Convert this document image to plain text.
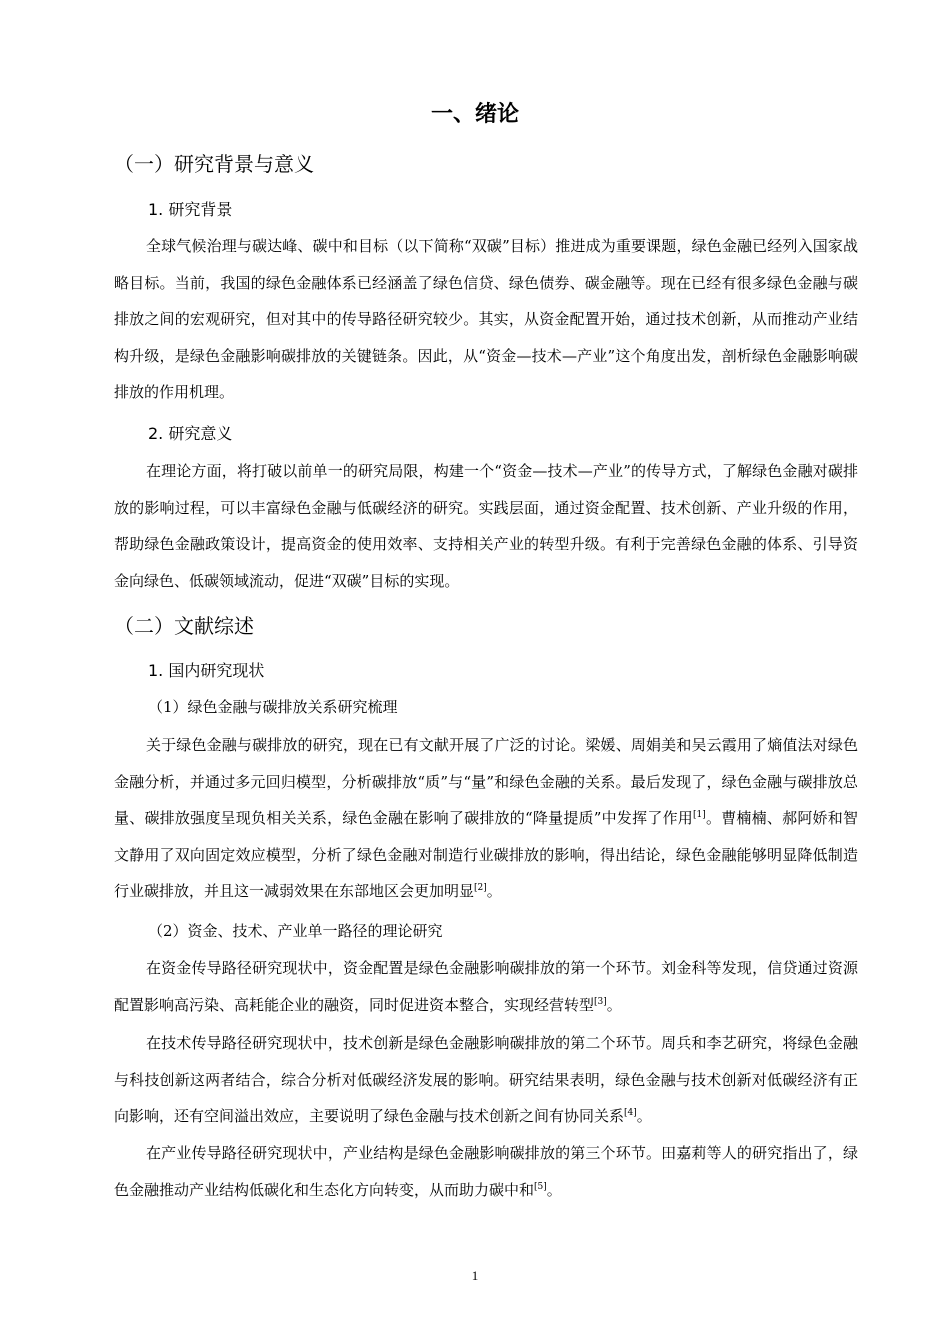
一、绪论
（一）研究背景与意义
1. 研究背景

全球气候治理与碳达峰、碳中和目标（以下简称“双碳”目标）推进成为重要课题，绿色金融已经列入国家战略目标。当前，我国的绿色金融体系已经涵盖了绿色信贷、绿色债券、碳金融等。现在已经有很多绿色金融与碳排放之间的宏观研究，但对其中的传导路径研究较少。其实，从资金配置开始，通过技术创新，从而推动产业结构升级，是绿色金融影响碳排放的关键链条。因此，从“资金—技术—产业”这个角度出发，剖析绿色金融影响碳排放的作用机理。

2. 研究意义

在理论方面，将打破以前单一的研究局限，构建一个“资金—技术—产业”的传导方式，了解绿色金融对碳排放的影响过程，可以丰富绿色金融与低碳经济的研究。实践层面，通过资金配置、技术创新、产业升级的作用，帮助绿色金融政策设计，提高资金的使用效率、支持相关产业的转型升级。有利于完善绿色金融的体系、引导资金向绿色、低碳领域流动，促进“双碳”目标的实现。

（二）文献综述
1. 国内研究现状
（1）绿色金融与碳排放关系研究梳理

关于绿色金融与碳排放的研究，现在已有文献开展了广泛的讨论。梁媛、周娟美和吴云霞用了熵值法对绿色金融分析，并通过多元回归模型，分析碳排放“质”与“量”和绿色金融的关系。最后发现了，绿色金融与碳排放总量、碳排放强度呈现负相关关系，绿色金融在影响了碳排放的“降量提质”中发挥了作用[1]。曹楠楠、郝阿娇和智文静用了双向固定效应模型，分析了绿色金融对制造行业碳排放的影响，得出结论，绿色金融能够明显降低制造行业碳排放，并且这一减弱效果在东部地区会更加明显[2]。

（2）资金、技术、产业单一路径的理论研究

在资金传导路径研究现状中，资金配置是绿色金融影响碳排放的第一个环节。刘金科等发现，信贷通过资源配置影响高污染、高耗能企业的融资，同时促进资本整合，实现经营转型[3]。

在技术传导路径研究现状中，技术创新是绿色金融影响碳排放的第二个环节。周兵和李艺研究，将绿色金融与科技创新这两者结合，综合分析对低碳经济发展的影响。研究结果表明，绿色金融与技术创新对低碳经济有正向影响，还有空间溢出效应，主要说明了绿色金融与技术创新之间有协同关系[4]。

在产业传导路径研究现状中，产业结构是绿色金融影响碳排放的第三个环节。田嘉莉等人的研究指出了，绿色金融推动产业结构低碳化和生态化方向转变，从而助力碳中和[5]。

1
